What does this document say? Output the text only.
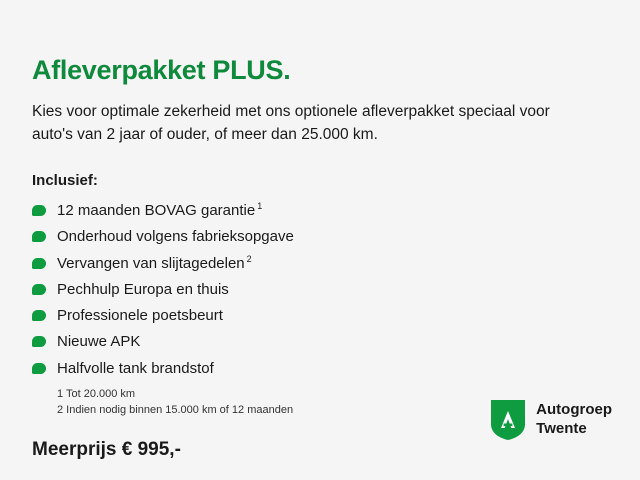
Afleverpakket PLUS.

Kies voor optimale zekerheid met ons optionele afleverpakket speciaal voor auto's van 2 jaar of ouder, of meer dan 25.000 km.

Inclusief:
12 maanden BOVAG garantie $^1$
Onderhoud volgens fabrieksopgave
Vervangen van slijtagedelen $^2$
Pechhulp Europa en thuis
Professionele poetsbeurt
Nieuwe APK
Halfvolle tank brandstof
1 Tot 20.000 km
2 Indien nodig binnen 15.000 km of 12 maanden
Meerprijs € 995,-
Autogroep
Twente
